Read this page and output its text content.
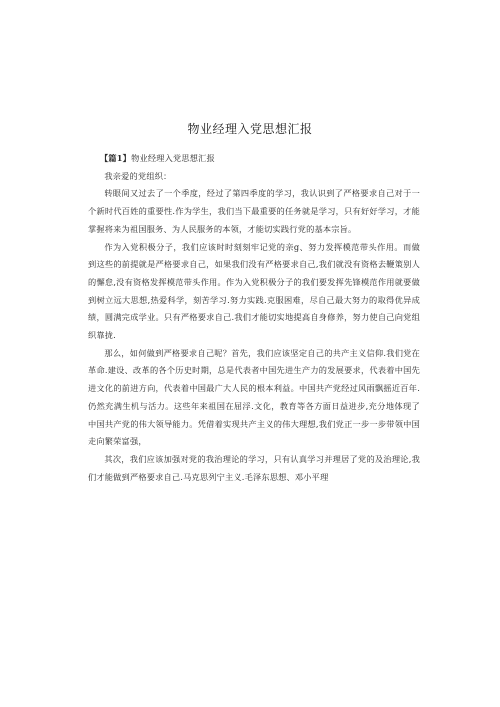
物业经理入党思想汇报

【篇1】物业经理入党思想汇报

我亲爱的党组织：

转眼间又过去了一个季度，经过了第四季度的学习，我认识到了严格要求自己对于一个新时代百姓的重要性.作为学生，我们当下最重要的任务就是学习，只有好好学习，才能掌握将来为祖国服务、为人民服务的本领，才能切实践行党的基本宗旨。

作为入党积极分子，我们应该时时刻刻牢记党的亲g、努力发挥模范带头作用。而做到这些的前提就是严格要求自己，如果我们没有严格要求自己,我们就没有资格去鞭策别人的懈怠,没有资格发挥模范带头作用。作为入党积极分子的我们要发挥先锋模范作用就要做到树立远大思想,热爱科学，刻苦学习.努力实践.克服困难，尽自己最大努力的取得优异成绩，圆满完成学业。只有严格要求自己.我们才能切实地提高自身修养，努力使自己向党组织靠拢.

那么，如何做到严格要求自己呢？首先，我们应该坚定自己的共产主义信仰.我们党在革命.建设、改革的各个历史时期，总是代表者中国先进生产力的发展要求，代表着中国先进文化的前进方向，代表着中国最广大人民的根本利益。中国共产党经过风雨飘摇近百年.仍然充满生机与活力。这些年来祖国在屈浮.文化，教育等各方面日益进步,充分地体现了中国共产党的伟大领导能力。凭借着实现共产主义的伟大理想,我们党正一步一步带领中国走向繁荣富强，

其次，我们应该加强对党的我治理论的学习，只有认真学习并理居了党的及治理论,我们才能做到严格要求自己.马克思列宁主义.毛泽东思想、邓小平理
